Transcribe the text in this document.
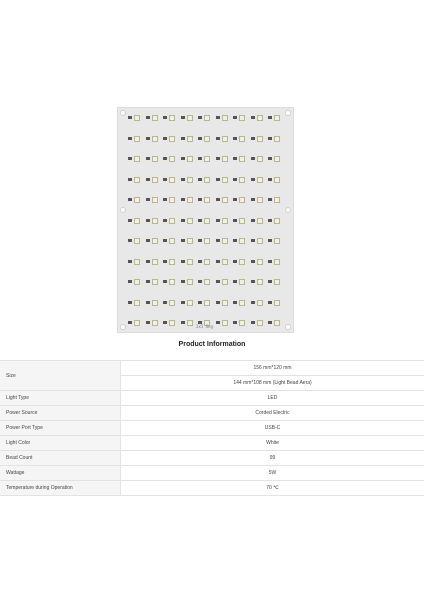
2x5 Seg
Product Information
Size	156 mm*120 mm
	144 mm*108 mm (Light Bead Aera)
Light Type	LED
Power Source	Corded Electric
Power Port Type	USB-C
Light Color	White
Bead Count	99
Wattage	5W
Temperature during Operation	70 ℃
